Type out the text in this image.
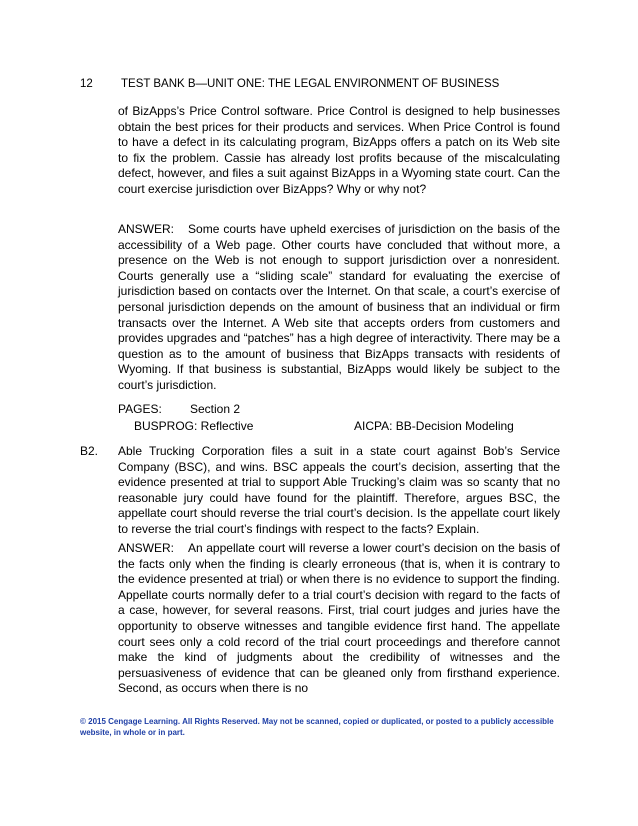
12 TEST BANK B—UNIT ONE: THE LEGAL ENVIRONMENT OF BUSINESS

of BizApps’s Price Control software. Price Control is designed to help businesses obtain the best prices for their products and services. When Price Control is found to have a defect in its calculating program, BizApps offers a patch on its Web site to fix the problem. Cassie has already lost profits because of the miscalculating defect, however, and files a suit against BizApps in a Wyoming state court. Can the court exercise jurisdiction over BizApps? Why or why not?

ANSWER: Some courts have upheld exercises of jurisdiction on the basis of the accessibility of a Web page. Other courts have concluded that without more, a presence on the Web is not enough to support jurisdiction over a nonresident. Courts generally use a “sliding scale” standard for evaluating the exercise of jurisdiction based on contacts over the Internet. On that scale, a court’s exercise of personal jurisdiction depends on the amount of business that an individual or firm transacts over the Internet. A Web site that accepts orders from customers and provides upgrades and “patches” has a high degree of interactivity. There may be a question as to the amount of business that BizApps transacts with residents of Wyoming. If that business is substantial, BizApps would likely be subject to the court’s jurisdiction.

PAGES: Section 2
BUSPROG: Reflective	AICPA: BB-Decision Modeling
B2. Able Trucking Corporation files a suit in a state court against Bob’s Service Company (BSC), and wins. BSC appeals the court’s decision, asserting that the evidence presented at trial to support Able Trucking’s claim was so scanty that no reasonable jury could have found for the plaintiff. Therefore, argues BSC, the appellate court should reverse the trial court’s decision. Is the appellate court likely to reverse the trial court’s findings with respect to the facts? Explain.

ANSWER: An appellate court will reverse a lower court’s decision on the basis of the facts only when the finding is clearly erroneous (that is, when it is contrary to the evidence presented at trial) or when there is no evidence to support the finding. Appellate courts normally defer to a trial court’s decision with regard to the facts of a case, however, for several reasons. First, trial court judges and juries have the opportunity to observe witnesses and tangible evidence first hand. The appellate court sees only a cold record of the trial court proceedings and therefore cannot make the kind of judgments about the credibility of witnesses and the persuasiveness of evidence that can be gleaned only from firsthand experience. Second, as occurs when there is no

© 2015 Cengage Learning. All Rights Reserved. May not be scanned, copied or duplicated, or posted to a publicly accessible website, in whole or in part.
